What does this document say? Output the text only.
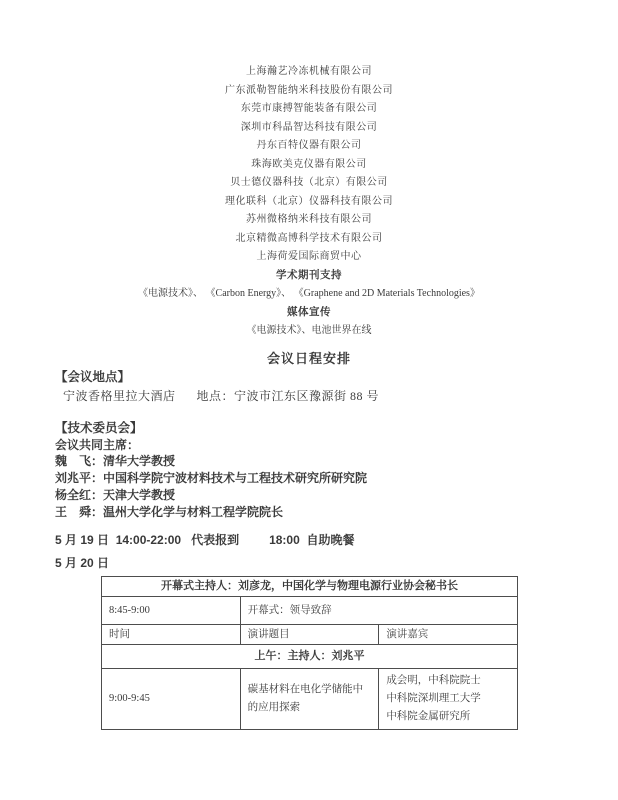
上海瀚艺冷冻机械有限公司
广东派勒智能纳米科技股份有限公司
东莞市康搏智能装备有限公司
深圳市科晶智达科技有限公司
丹东百特仪器有限公司
珠海欧美克仪器有限公司
贝士德仪器科技（北京）有限公司
理化联科（北京）仪器科技有限公司
苏州微格纳米科技有限公司
北京精微高博科学技术有限公司
上海荷爱国际商贸中心
学术期刊支持
《电源技术》、 《Carbon Energy》、 《Graphene and 2D Materials Technologies》
媒体宣传
《电源技术》、电池世界在线
会议日程安排
【会议地点】
宁波香格里拉大酒店      地点：宁波市江东区豫源街 88 号
【技术委员会】
会议共同主席：
魏　飞：清华大学教授
刘兆平：中国科学院宁波材料技术与工程技术研究所研究院
杨全红：天津大学教授
王　舜：温州大学化学与材料工程学院院长
5 月 19 日  14:00-22:00   代表报到         18:00  自助晚餐
5 月 20 日
开幕式主持人：刘彦龙，中国化学与物理电源行业协会秘书长		
8:45-9:00	开幕式：领导致辞	
时间	演讲题目	演讲嘉宾
上午：主持人：刘兆平		
9:00-9:45	碳基材料在电化学储能中的应用探索	成会明，中科院院士
中科院深圳理工大学
中科院金属研究所
